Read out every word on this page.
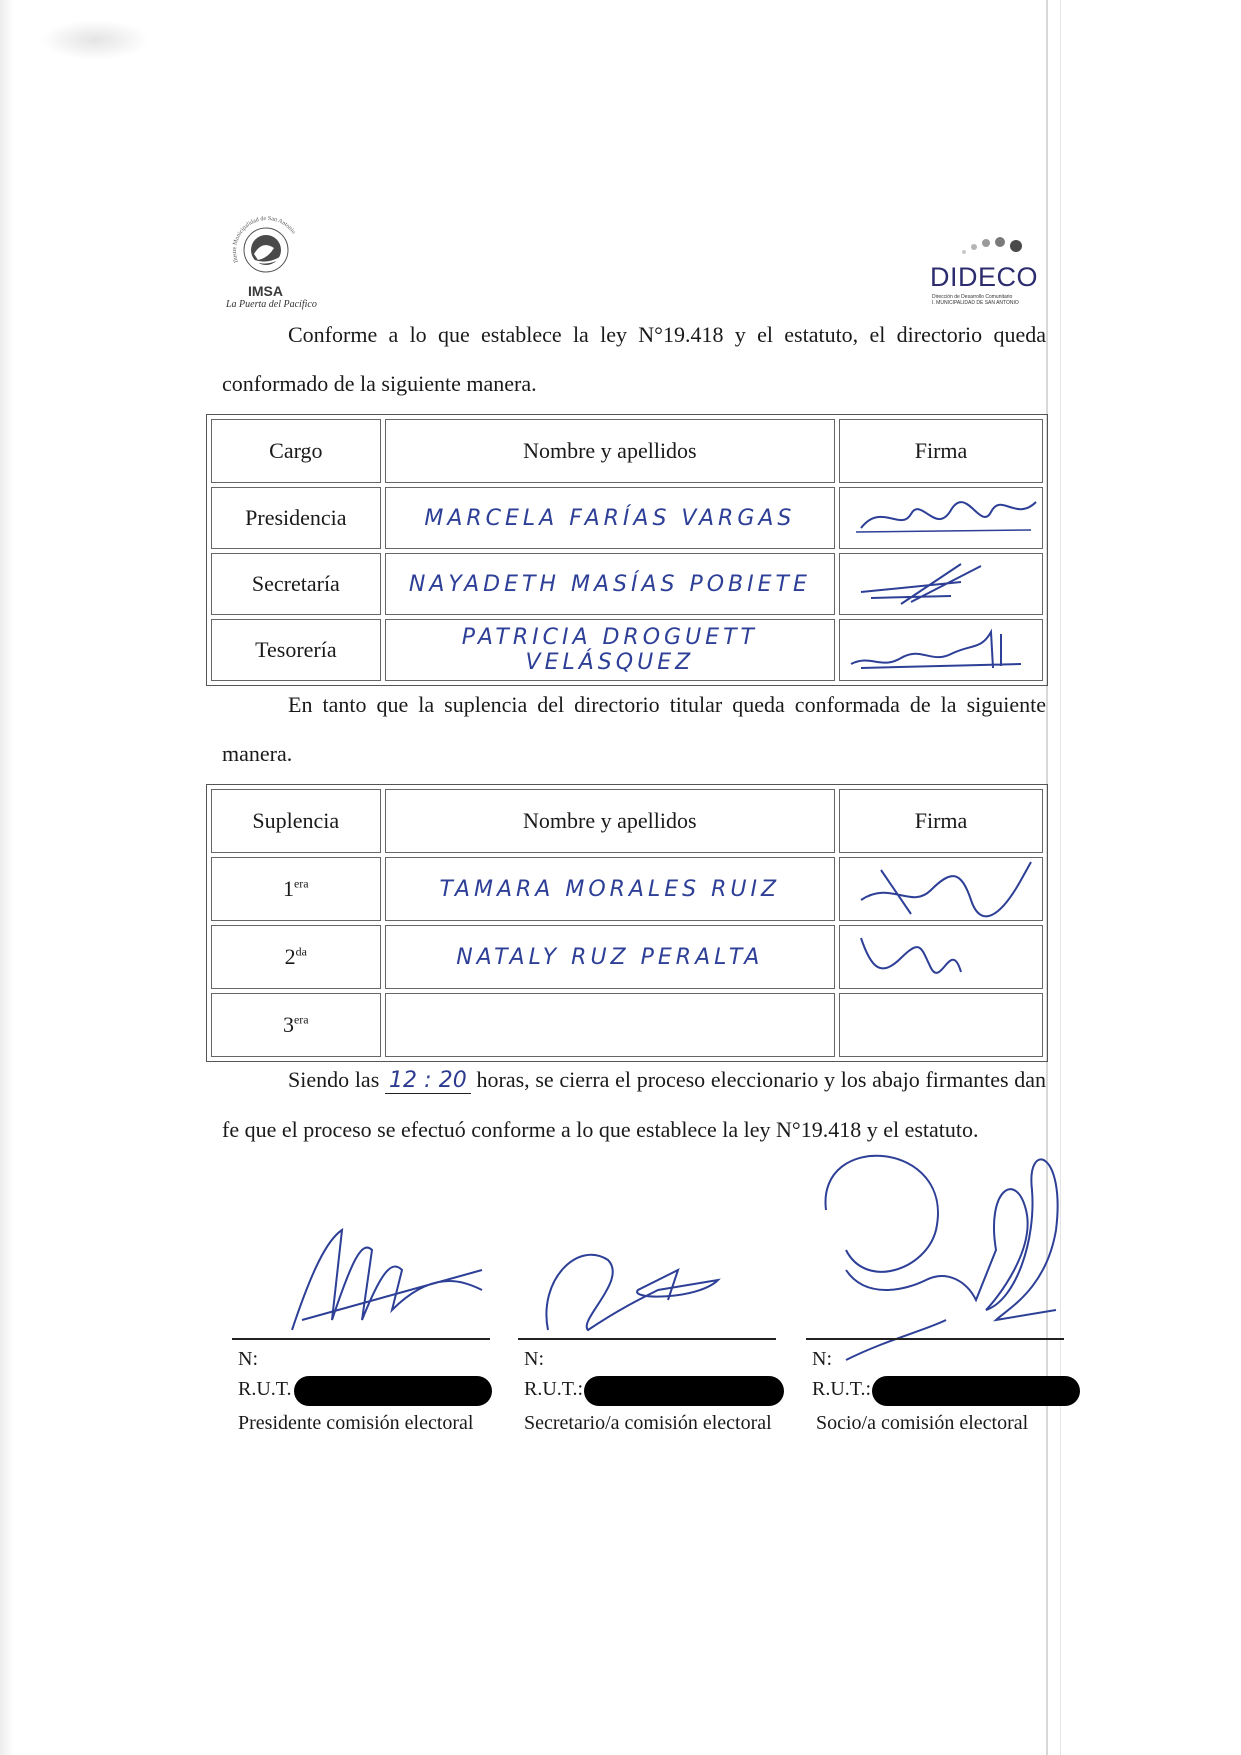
Ilustre Municipalidad de San Antonio
IMSA
La Puerta del Pacífico
DIDECO
Dirección de Desarrollo Comunitario
I. MUNICIPALIDAD DE SAN ANTONIO
Conforme a lo que establece la ley N°19.418 y el estatuto, el directorio queda conformado de la siguiente manera.
Cargo	Nombre y apellidos	Firma
Presidencia	MARCELA FARÍAS VARGAS	

Secretaría	NAYADETH MASÍAS POBIETE	

Tesorería	PATRICIA DROGUETT VELÁSQUEZ	
En tanto que la suplencia del directorio titular queda conformada de la siguiente manera.
Suplencia	Nombre y apellidos	Firma
$1^{era}$	TAMARA MORALES RUIZ	

$2^{da}$	NATALY RUZ PERALTA	

$3^{era}$		
Siendo las 12 : 20 horas, se cierra el proceso eleccionario y los abajo firmantes dan fe que el proceso se efectuó conforme a lo que establece la ley N°19.418 y el estatuto.
N:
R.U.T.
Presidente comisión electoral
N:
R.U.T.:
Secretario/a comisión electoral
N:
R.U.T.:
Socio/a comisión electoral
